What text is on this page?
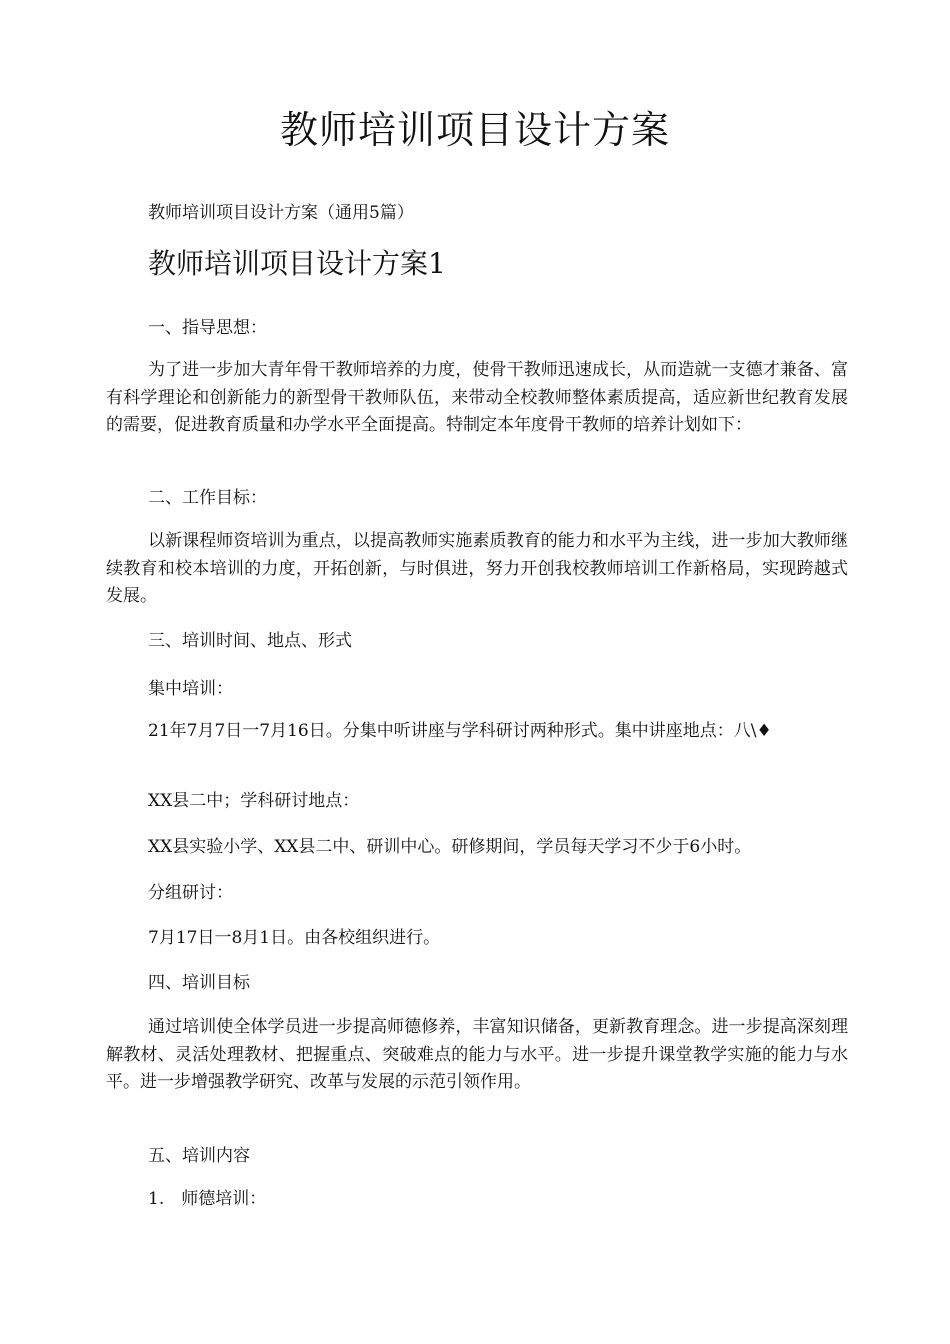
教师培训项目设计方案

教师培训项目设计方案（通用5篇）

教师培训项目设计方案1

一、指导思想：

为了进一步加大青年骨干教师培养的力度，使骨干教师迅速成长，从而造就一支德才兼备、富有科学理论和创新能力的新型骨干教师队伍，来带动全校教师整体素质提高，适应新世纪教育发展的需要，促进教育质量和办学水平全面提高。特制定本年度骨干教师的培养计划如下：

二、工作目标：

以新课程师资培训为重点，以提高教师实施素质教育的能力和水平为主线，进一步加大教师继续教育和校本培训的力度，开拓创新，与时俱进，努力开创我校教师培训工作新格局，实现跨越式发展。

三、培训时间、地点、形式

集中培训：

21年7月7日一7月16日。分集中听讲座与学科研讨两种形式。集中讲座地点：八\♦

XX县二中；学科研讨地点：

XX县实验小学、XX县二中、研训中心。研修期间，学员每天学习不少于6小时。

分组研讨：

7月17日一8月1日。由各校组织进行。

四、培训目标

通过培训使全体学员进一步提高师德修养，丰富知识储备，更新教育理念。进一步提高深刻理解教材、灵活处理教材、把握重点、突破难点的能力与水平。进一步提升课堂教学实施的能力与水平。进一步增强教学研究、改革与发展的示范引领作用。

五、培训内容

1.　师德培训：
